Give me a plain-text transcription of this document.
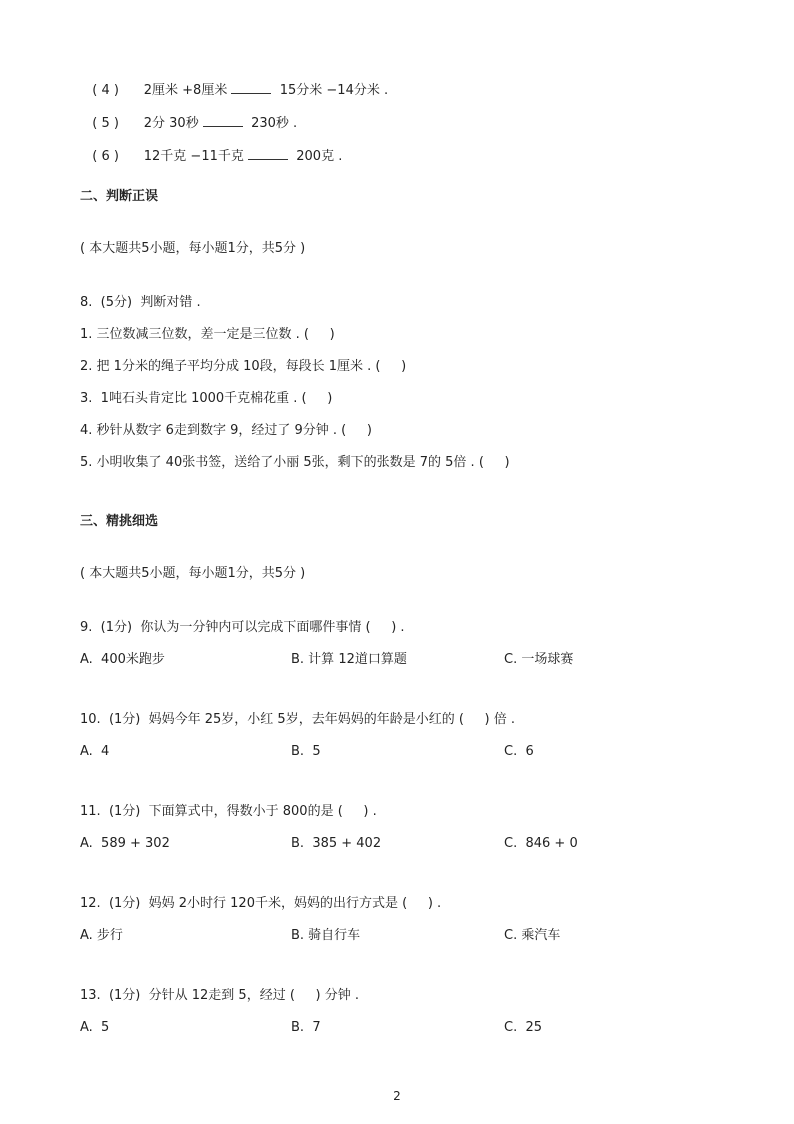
( 4 ) 2厘米 +8厘米	15分米 −14分米 .

( 5 ) 2分 30秒	230秒 .

( 6 ) 12千克 −11千克	200克 .

二、判断正误
( 本大题共5小题，每小题1分，共5分 )
8.  (5分)  判断对错 .
1. 三位数减三位数，差一定是三位数 . (     )
2. 把 1分米的绳子平均分成 10段，每段长 1厘米 . (     )
3.  1吨石头肯定比 1000千克棉花重 . (     )
4. 秒针从数字 6走到数字 9，经过了 9分钟 . (     )
5. 小明收集了 40张书签，送给了小丽 5张，剩下的张数是 7的 5倍 . (     )
三、精挑细选
( 本大题共5小题，每小题1分，共5分 )
9.  (1分)  你认为一分钟内可以完成下面哪件事情 (     ) .
A.  400米跑步	B. 计算 12道口算题	C. 一场球赛
10.  (1分)  妈妈今年 25岁，小红 5岁，去年妈妈的年龄是小红的 (     ) 倍 .
A.  4	B.  5	C.  6
11.  (1分)  下面算式中，得数小于 800的是 (     ) .
A.  589 + 302	B.  385 + 402	C.  846 + 0
12.  (1分)  妈妈 2小时行 120千米，妈妈的出行方式是 (     ) .
A. 步行	B. 骑自行车	C. 乘汽车
13.  (1分)  分针从 12走到 5，经过 (     ) 分钟 .
A.  5	B.  7	C.  25
2
